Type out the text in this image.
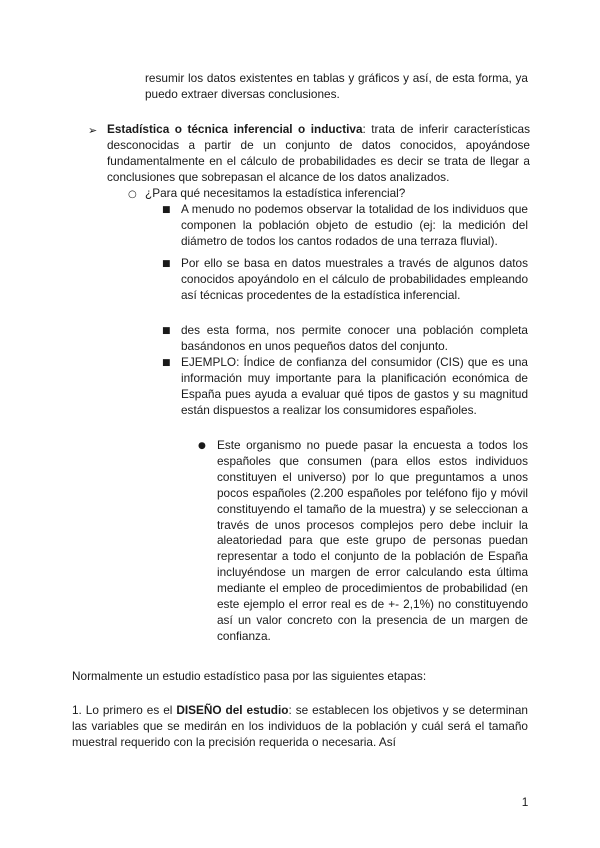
resumir los datos existentes en tablas y gráficos y así, de esta forma, ya puedo extraer diversas conclusiones.

➢ Estadística o técnica inferencial o inductiva: trata de inferir características desconocidas a partir de un conjunto de datos conocidos, apoyándose fundamentalmente en el cálculo de probabilidades es decir se trata de llegar a conclusiones que sobrepasan el alcance de los datos analizados.

○ ¿Para qué necesitamos la estadística inferencial?

■ A menudo no podemos observar la totalidad de los individuos que componen la población objeto de estudio (ej: la medición del diámetro de todos los cantos rodados de una terraza fluvial).

■ Por ello se basa en datos muestrales a través de algunos datos conocidos apoyándolo en el cálculo de probabilidades empleando así técnicas procedentes de la estadística inferencial.

■ des esta forma, nos permite conocer una población completa basándonos en unos pequeños datos del conjunto.

■ EJEMPLO: Índice de confianza del consumidor (CIS) que es una información muy importante para la planificación económica de España pues ayuda a evaluar qué tipos de gastos y su magnitud están dispuestos a realizar los consumidores españoles.

● Este organismo no puede pasar la encuesta a todos los españoles que consumen (para ellos estos individuos constituyen el universo) por lo que preguntamos a unos pocos españoles (2.200 españoles por teléfono fijo y móvil constituyendo el tamaño de la muestra) y se seleccionan a través de unos procesos complejos pero debe incluir la aleatoriedad para que este grupo de personas puedan representar a todo el conjunto de la población de España incluyéndose un margen de error calculando esta última mediante el empleo de procedimientos de probabilidad (en este ejemplo el error real es de +- 2,1%) no constituyendo así un valor concreto con la presencia de un margen de confianza.

Normalmente un estudio estadístico pasa por las siguientes etapas:

1. Lo primero es el DISEÑO del estudio: se establecen los objetivos y se determinan las variables que se medirán en los individuos de la población y cuál será el tamaño muestral requerido con la precisión requerida o necesaria. Así

1
